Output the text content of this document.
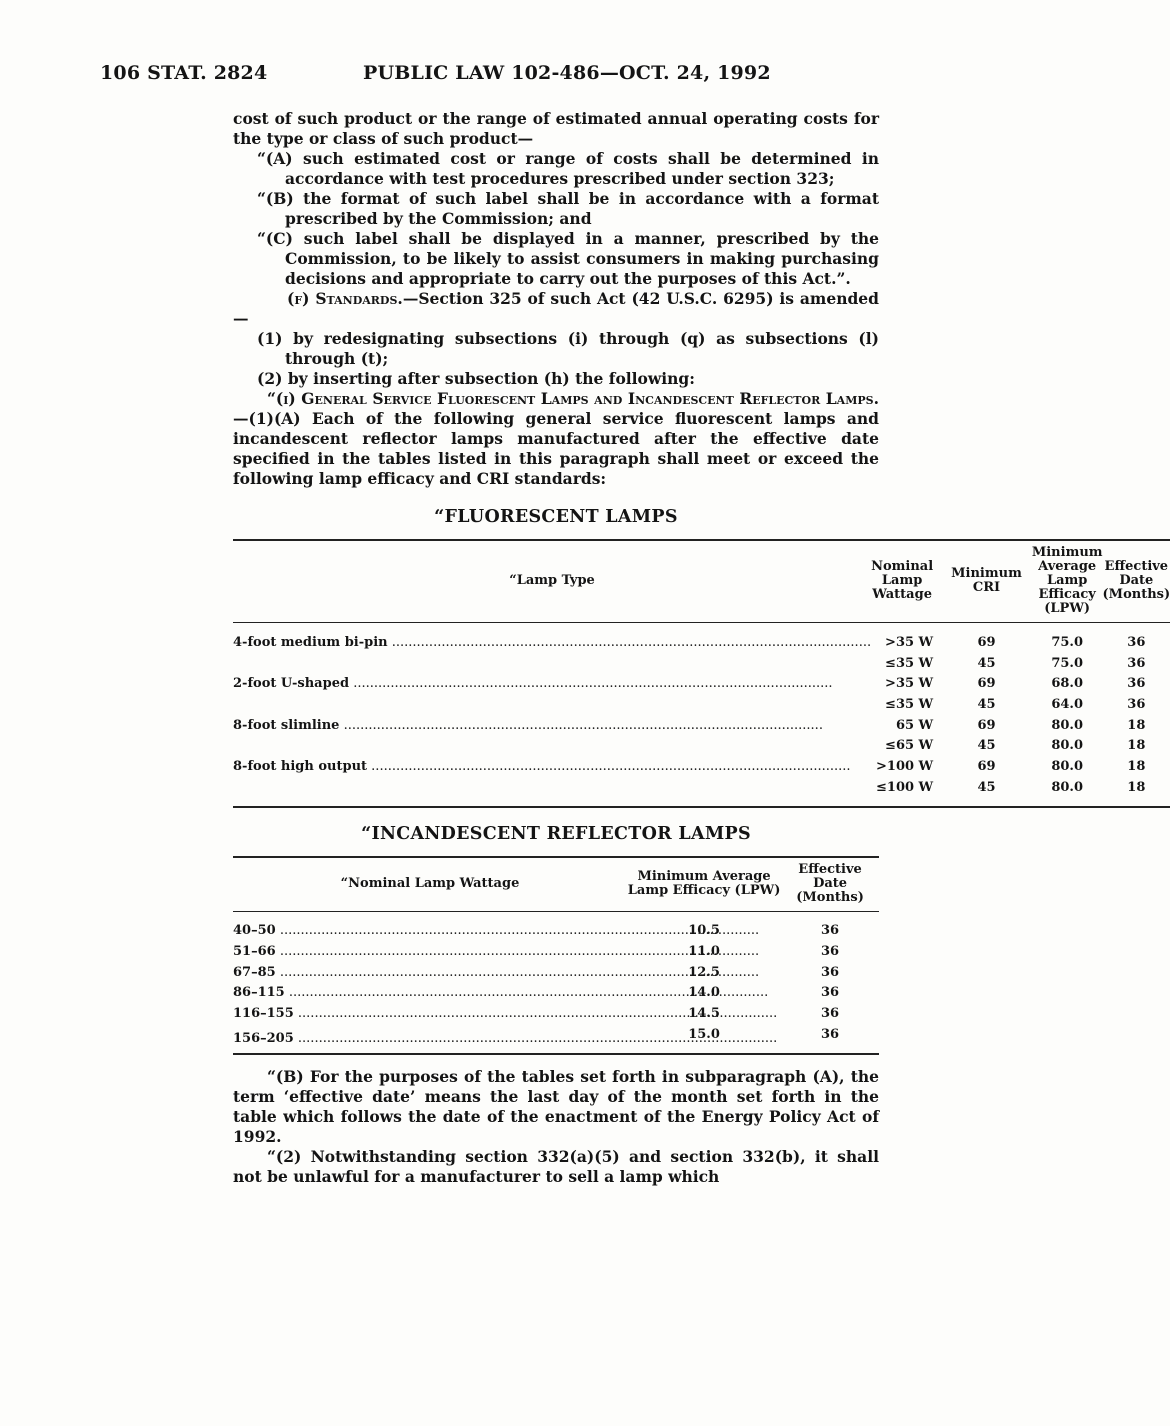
106 STAT. 2824	PUBLIC LAW 102-486—OCT. 24, 1992

cost of such product or the range of estimated annual operating costs for the type or class of such product—

“(A) such estimated cost or range of costs shall be determined in accordance with test procedures prescribed under section 323;

“(B) the format of such label shall be in accordance with a format prescribed by the Commission; and

“(C) such label shall be displayed in a manner, prescribed by the Commission, to be likely to assist consumers in making purchasing decisions and appropriate to carry out the purposes of this Act.”.

(f) Standards.—Section 325 of such Act (42 U.S.C. 6295) is amended—

(1) by redesignating subsections (i) through (q) as subsections (l) through (t);

(2) by inserting after subsection (h) the following:

“(i) General Service Fluorescent Lamps and Incandescent Reflector Lamps.—(1)(A) Each of the following general service fluorescent lamps and incandescent reflector lamps manufactured after the effective date specified in the tables listed in this paragraph shall meet or exceed the following lamp efficacy and CRI standards:

“FLUORESCENT LAMPS
“Lamp Type	Nominal Lamp Wattage	Minimum CRI	Minimum Average Lamp Efficacy (LPW)	Effective Date (Months)
4-foot medium bi-pin .....	>35 W	69	75.0	36
	≤35 W	45	75.0	36
2-foot U-shaped .....	>35 W	69	68.0	36
	≤35 W	45	64.0	36
8-foot slimline .....	65 W	69	80.0	18
	≤65 W	45	80.0	18
8-foot high output .....	>100 W	69	80.0	18
	≤100 W	45	80.0	18
“INCANDESCENT REFLECTOR LAMPS
“Nominal Lamp Wattage	Minimum Average Lamp Efficacy (LPW)	Effective Date (Months)
40–50 .....	10.5	36
51–66 .....	11.0	36
67–85 .....	12.5	36
86–115 .....	14.0	36
116–155 .....	14.5	36
156–205 .....	15.0	36

“(B) For the purposes of the tables set forth in subparagraph (A), the term ‘effective date’ means the last day of the month set forth in the table which follows the date of the enactment of the Energy Policy Act of 1992.

“(2) Notwithstanding section 332(a)(5) and section 332(b), it shall not be unlawful for a manufacturer to sell a lamp which
